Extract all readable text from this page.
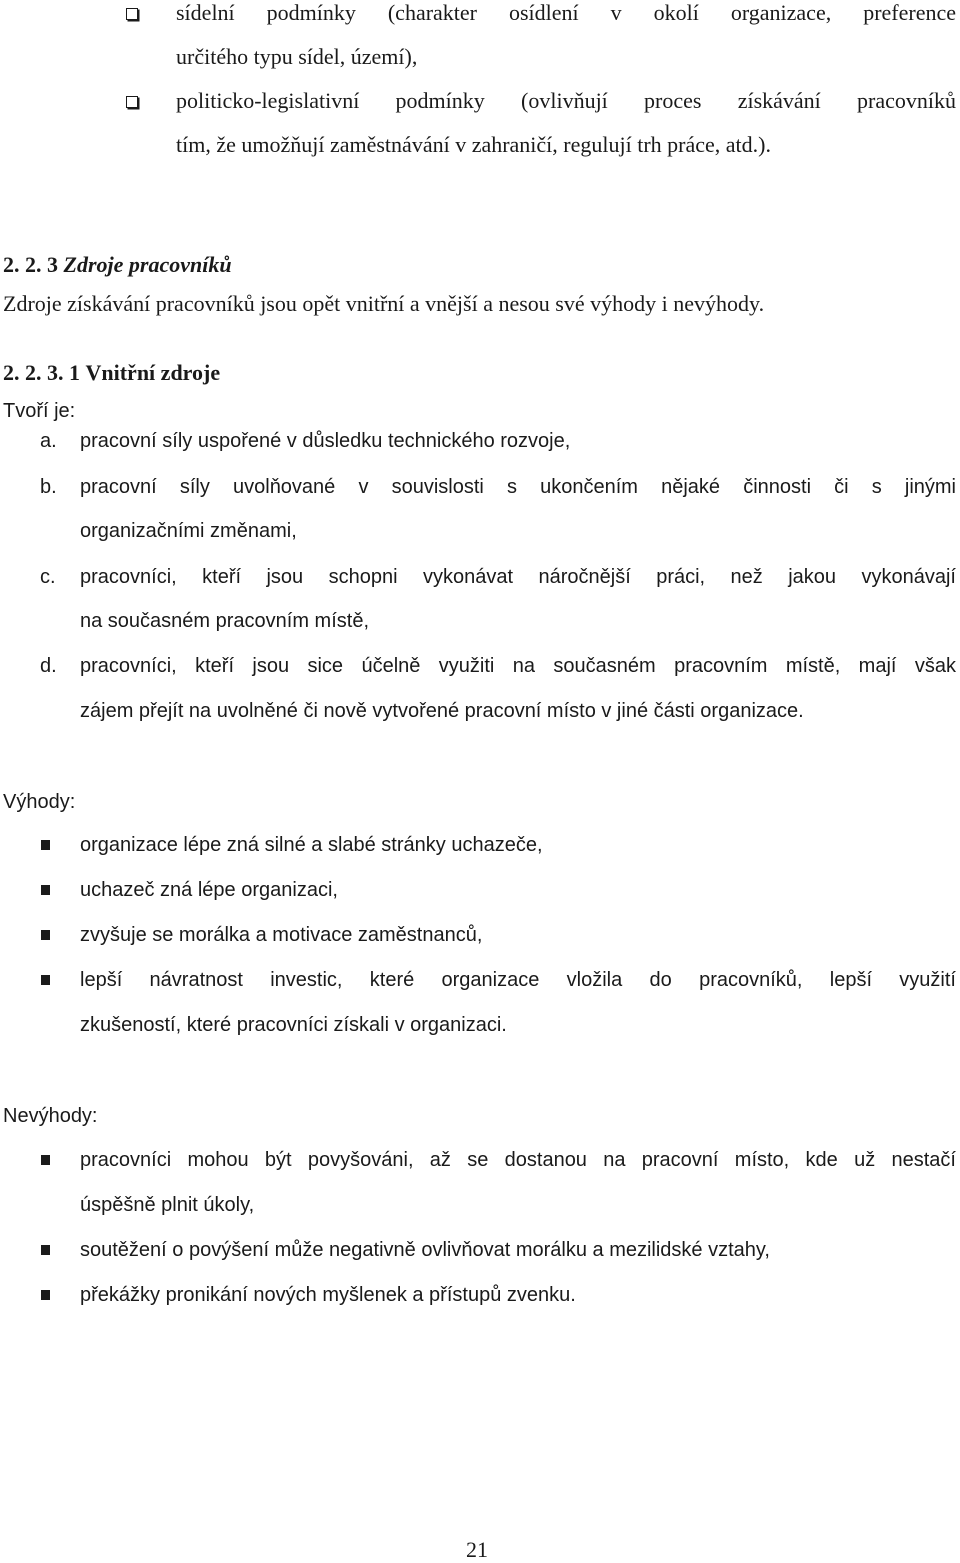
sídelní podmínky (charakter osídlení v okolí organizace, preference
určitého typu sídel, území),
politicko-legislativní podmínky (ovlivňují proces získávání pracovníků
tím, že umožňují zaměstnávání v zahraničí, regulují trh práce, atd.).
2. 2. 3 Zdroje pracovníků
Zdroje získávání pracovníků jsou opět vnitřní a vnější a nesou své výhody i nevýhody.
2. 2. 3. 1 Vnitřní zdroje
Tvoří je:
a. pracovní síly uspořené v důsledku technického rozvoje,
b. pracovní síly uvolňované v souvislosti s ukončením nějaké činnosti či s jinými
organizačními změnami,
c. pracovníci, kteří jsou schopni vykonávat náročnější práci, než jakou vykonávají
na současném pracovním místě,
d. pracovníci, kteří jsou sice účelně využiti na současném pracovním místě, mají však
zájem přejít na uvolněné či nově vytvořené pracovní místo v jiné části organizace.
Výhody:
organizace lépe zná silné a slabé stránky uchazeče,
uchazeč zná lépe organizaci,
zvyšuje se morálka a motivace zaměstnanců,
lepší návratnost investic, které organizace vložila do pracovníků, lepší využití
zkušeností, které pracovníci získali v organizaci.
Nevýhody:
pracovníci mohou být povyšováni, až se dostanou na pracovní místo, kde už nestačí
úspěšně plnit úkoly,
soutěžení o povýšení může negativně ovlivňovat morálku a mezilidské vztahy,
překážky pronikání nových myšlenek a přístupů zvenku.
21
